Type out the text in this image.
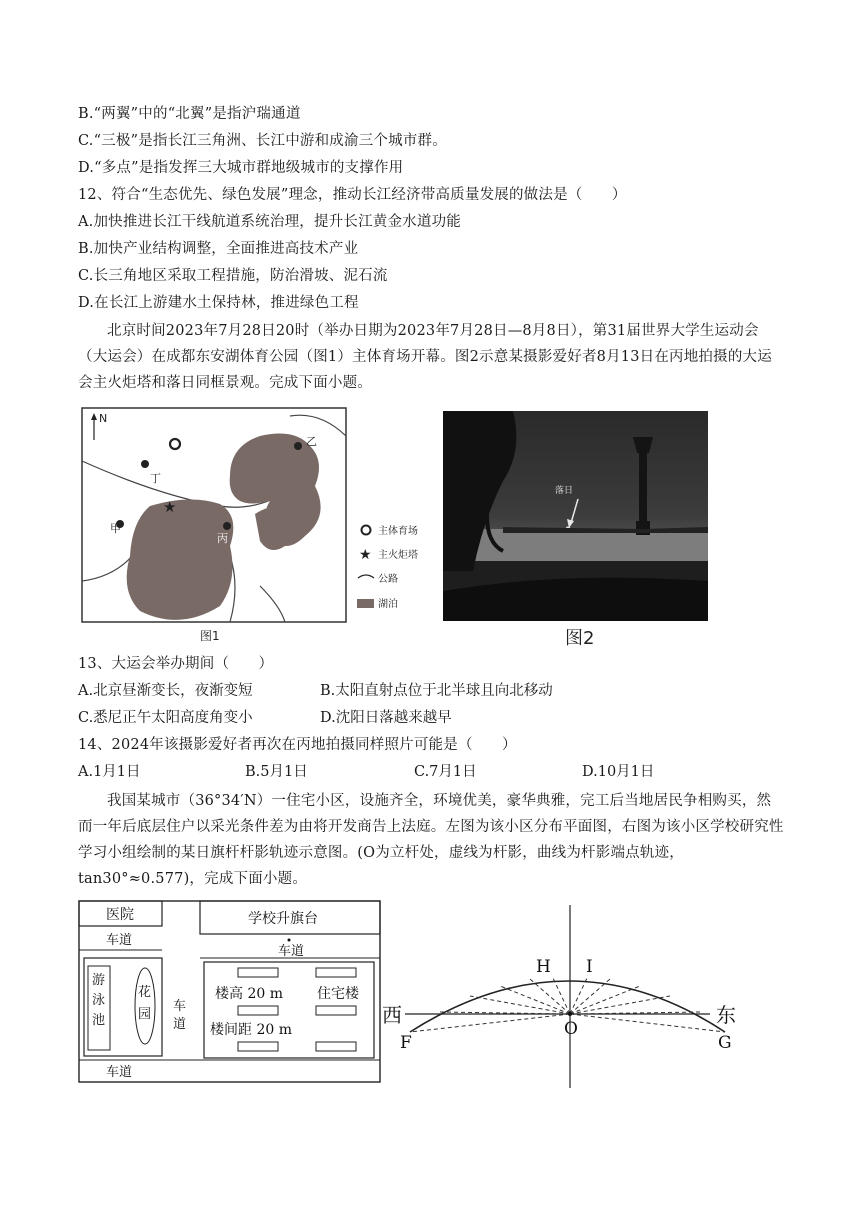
B.“两翼”中的“北翼”是指沪瑞通道
C.“三极”是指长江三角洲、长江中游和成渝三个城市群。
D.“多点”是指发挥三大城市群地级城市的支撑作用
12、符合“生态优先、绿色发展”理念，推动长江经济带高质量发展的做法是（　　）
A.加快推进长江干线航道系统治理，提升长江黄金水道功能
B.加快产业结构调整，全面推进高技术产业
C.长三角地区采取工程措施，防治滑坡、泥石流
D.在长江上游建水土保持林，推进绿色工程
北京时间2023年7月28日20时（举办日期为2023年7月28日—8月8日），第31届世界大学生运动会（大运会）在成都东安湖体育公园（图1）主体育场开幕。图2示意某摄影爱好者8月13日在丙地拍摄的大运会主火炬塔和落日同框景观。完成下面小题。
N
丁
乙
甲
丙
★
主体育场
★ 主火炬塔
公路
湖泊
图1
落日
图2
13、大运会举办期间（　　）
A.北京昼渐变长，夜渐变短	B.太阳直射点位于北半球且向北移动
C.悉尼正午太阳高度角变小	D.沈阳日落越来越早
14、2024年该摄影爱好者再次在丙地拍摄同样照片可能是（　　）
A.1月1日	B.5月1日	C.7月1日	D.10月1日
我国某城市（36°34′N）一住宅小区，设施齐全，环境优美，豪华典雅，完工后当地居民争相购买，然而一年后底层住户以采光条件差为由将开发商告上法庭。左图为该小区分布平面图，右图为该小区学校研究性学习小组绘制的某日旗杆杆影轨迹示意图。(O为立杆处，虚线为杆影，曲线为杆影端点轨迹，tan30°≈0.577)，完成下面小题。
医院
车道
学校升旗台
车道
游
泳
池
花
园
车
道
楼高 20 m 住宅楼
楼间距 20 m
车道
西	东
H I
O
F	G
